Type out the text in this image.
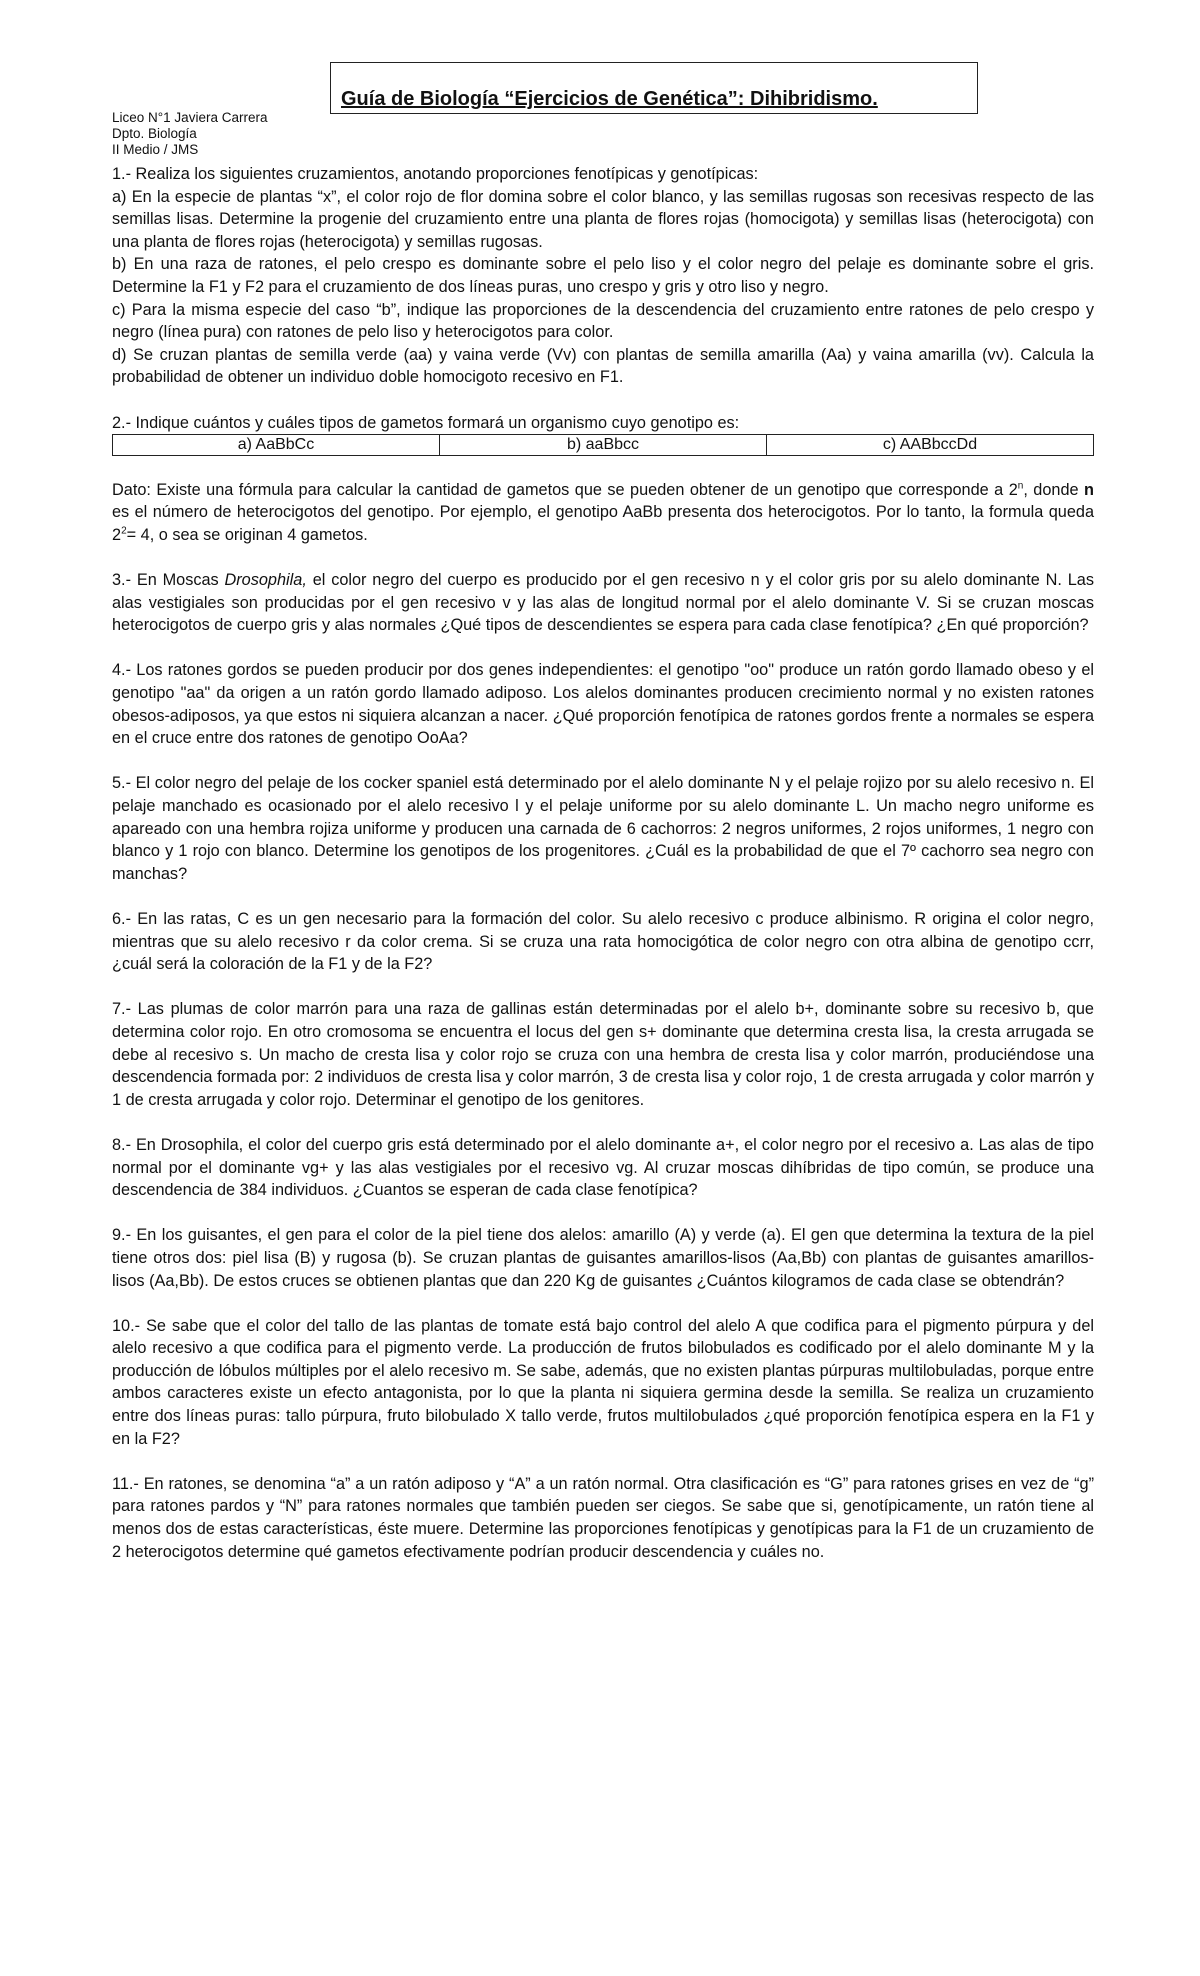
Guía de Biología “Ejercicios de Genética”: Dihibridismo.
Liceo N°1 Javiera Carrera
Dpto. Biología
II Medio / JMS

1.- Realiza los siguientes cruzamientos, anotando proporciones fenotípicas y genotípicas:

a) En la especie de plantas “x”, el color rojo de flor domina sobre el color blanco, y las semillas rugosas son recesivas respecto de las semillas lisas. Determine la progenie del cruzamiento entre una planta de flores rojas (homocigota) y semillas lisas (heterocigota) con una planta de flores rojas (heterocigota) y semillas rugosas.

b) En una raza de ratones, el pelo crespo es dominante sobre el pelo liso y el color negro del pelaje es dominante sobre el gris. Determine la F1 y F2 para el cruzamiento de dos líneas puras, uno crespo y gris y otro liso y negro.

c) Para la misma especie del caso “b”, indique las proporciones de la descendencia del cruzamiento entre ratones de pelo crespo y negro (línea pura) con ratones de pelo liso y heterocigotos para color.

d) Se cruzan plantas de semilla verde (aa) y vaina verde (Vv) con plantas de semilla amarilla (Aa) y vaina amarilla (vv). Calcula la probabilidad de obtener un individuo doble homocigoto recesivo en F1.

2.- Indique cuántos y cuáles tipos de gametos formará un organismo cuyo genotipo es:

a) AaBbCc	b) aaBbcc	c) AABbccDd

Dato: Existe una fórmula para calcular la cantidad de gametos que se pueden obtener de un genotipo que corresponde a 2$^n$, donde n es el número de heterocigotos del genotipo. Por ejemplo, el genotipo AaBb presenta dos heterocigotos. Por lo tanto, la formula queda $2^2= 4$, o sea se originan 4 gametos.

3.- En Moscas Drosophila, el color negro del cuerpo es producido por el gen recesivo n y el color gris por su alelo dominante N. Las alas vestigiales son producidas por el gen recesivo v y las alas de longitud normal por el alelo dominante V. Si se cruzan moscas heterocigotos de cuerpo gris y alas normales ¿Qué tipos de descendientes se espera para cada clase fenotípica? ¿En qué proporción?

4.- Los ratones gordos se pueden producir por dos genes independientes: el genotipo "oo" produce un ratón gordo llamado obeso y el genotipo "aa" da origen a un ratón gordo llamado adiposo. Los alelos dominantes producen crecimiento normal y no existen ratones obesos-adiposos, ya que estos ni siquiera alcanzan a nacer. ¿Qué proporción fenotípica de ratones gordos frente a normales se espera en el cruce entre dos ratones de genotipo OoAa?

5.- El color negro del pelaje de los cocker spaniel está determinado por el alelo dominante N y el pelaje rojizo por su alelo recesivo n. El pelaje manchado es ocasionado por el alelo recesivo l y el pelaje uniforme por su alelo dominante L. Un macho negro uniforme es apareado con una hembra rojiza uniforme y producen una carnada de 6 cachorros: 2 negros uniformes, 2 rojos uniformes, 1 negro con blanco y 1 rojo con blanco. Determine los genotipos de los progenitores. ¿Cuál es la probabilidad de que el 7º cachorro sea negro con manchas?

6.- En las ratas, C es un gen necesario para la formación del color. Su alelo recesivo c produce albinismo. R origina el color negro, mientras que su alelo recesivo r da color crema. Si se cruza una rata homocigótica de color negro con otra albina de genotipo ccrr, ¿cuál será la coloración de la F1 y de la F2?

7.- Las plumas de color marrón para una raza de gallinas están determinadas por el alelo b+, dominante sobre su recesivo b, que determina color rojo. En otro cromosoma se encuentra el locus del gen s+ dominante que determina cresta lisa, la cresta arrugada se debe al recesivo s. Un macho de cresta lisa y color rojo se cruza con una hembra de cresta lisa y color marrón, produciéndose una descendencia formada por: 2 individuos de cresta lisa y color marrón, 3 de cresta lisa y color rojo, 1 de cresta arrugada y color marrón y 1 de cresta arrugada y color rojo. Determinar el genotipo de los genitores.

8.- En Drosophila, el color del cuerpo gris está determinado por el alelo dominante a+, el color negro por el recesivo a. Las alas de tipo normal por el dominante vg+ y las alas vestigiales por el recesivo vg. Al cruzar moscas dihíbridas de tipo común, se produce una descendencia de 384 individuos. ¿Cuantos se esperan de cada clase fenotípica?

9.- En los guisantes, el gen para el color de la piel tiene dos alelos: amarillo (A) y verde (a). El gen que determina la textura de la piel tiene otros dos: piel lisa (B) y rugosa (b). Se cruzan plantas de guisantes amarillos-lisos (Aa,Bb) con plantas de guisantes amarillos-lisos (Aa,Bb). De estos cruces se obtienen plantas que dan 220 Kg de guisantes ¿Cuántos kilogramos de cada clase se obtendrán?

10.- Se sabe que el color del tallo de las plantas de tomate está bajo control del alelo A que codifica para el pigmento púrpura y del alelo recesivo a que codifica para el pigmento verde. La producción de frutos bilobulados es codificado por el alelo dominante M y la producción de lóbulos múltiples por el alelo recesivo m. Se sabe, además, que no existen plantas púrpuras multilobuladas, porque entre ambos caracteres existe un efecto antagonista, por lo que la planta ni siquiera germina desde la semilla. Se realiza un cruzamiento entre dos líneas puras: tallo púrpura, fruto bilobulado X tallo verde, frutos multilobulados ¿qué proporción fenotípica espera en la F1 y en la F2?

11.- En ratones, se denomina “a” a un ratón adiposo y “A” a un ratón normal. Otra clasificación es “G” para ratones grises en vez de “g” para ratones pardos y “N” para ratones normales que también pueden ser ciegos. Se sabe que si, genotípicamente, un ratón tiene al menos dos de estas características, éste muere. Determine las proporciones fenotípicas y genotípicas para la F1 de un cruzamiento de 2 heterocigotos determine qué gametos efectivamente podrían producir descendencia y cuáles no.
